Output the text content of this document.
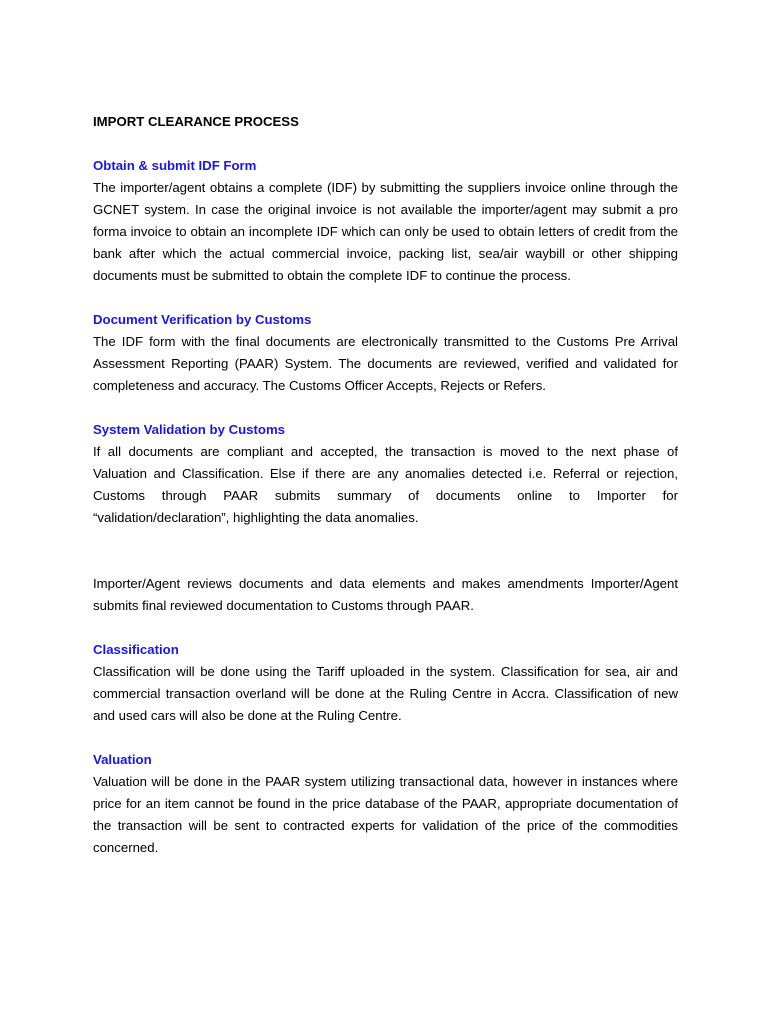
IMPORT CLEARANCE PROCESS
Obtain & submit IDF Form

The importer/agent obtains a complete (IDF) by submitting the suppliers invoice online through the GCNET system. In case the original invoice is not available the importer/agent may submit a pro forma invoice to obtain an incomplete IDF which can only be used to obtain letters of credit from the bank after which the actual commercial invoice, packing list, sea/air waybill or other shipping documents must be submitted to obtain the complete IDF to continue the process.

Document Verification by Customs

The IDF form with the final documents are electronically transmitted to the Customs Pre Arrival Assessment Reporting (PAAR) System. The documents are reviewed, verified and validated for completeness and accuracy. The Customs Officer Accepts, Rejects or Refers.

System Validation by Customs

If all documents are compliant and accepted, the transaction is moved to the next phase of Valuation and Classification. Else if there are any anomalies detected i.e. Referral or rejection, Customs through PAAR submits summary of documents online to Importer for “validation/declaration”, highlighting the data anomalies.

Importer/Agent reviews documents and data elements and makes amendments Importer/Agent submits final reviewed documentation to Customs through PAAR.

Classification

Classification will be done using the Tariff uploaded in the system. Classification for sea, air and commercial transaction overland will be done at the Ruling Centre in Accra. Classification of new and used cars will also be done at the Ruling Centre.

Valuation

Valuation will be done in the PAAR system utilizing transactional data, however in instances where price for an item cannot be found in the price database of the PAAR, appropriate documentation of the transaction will be sent to contracted experts for validation of the price of the commodities concerned.
